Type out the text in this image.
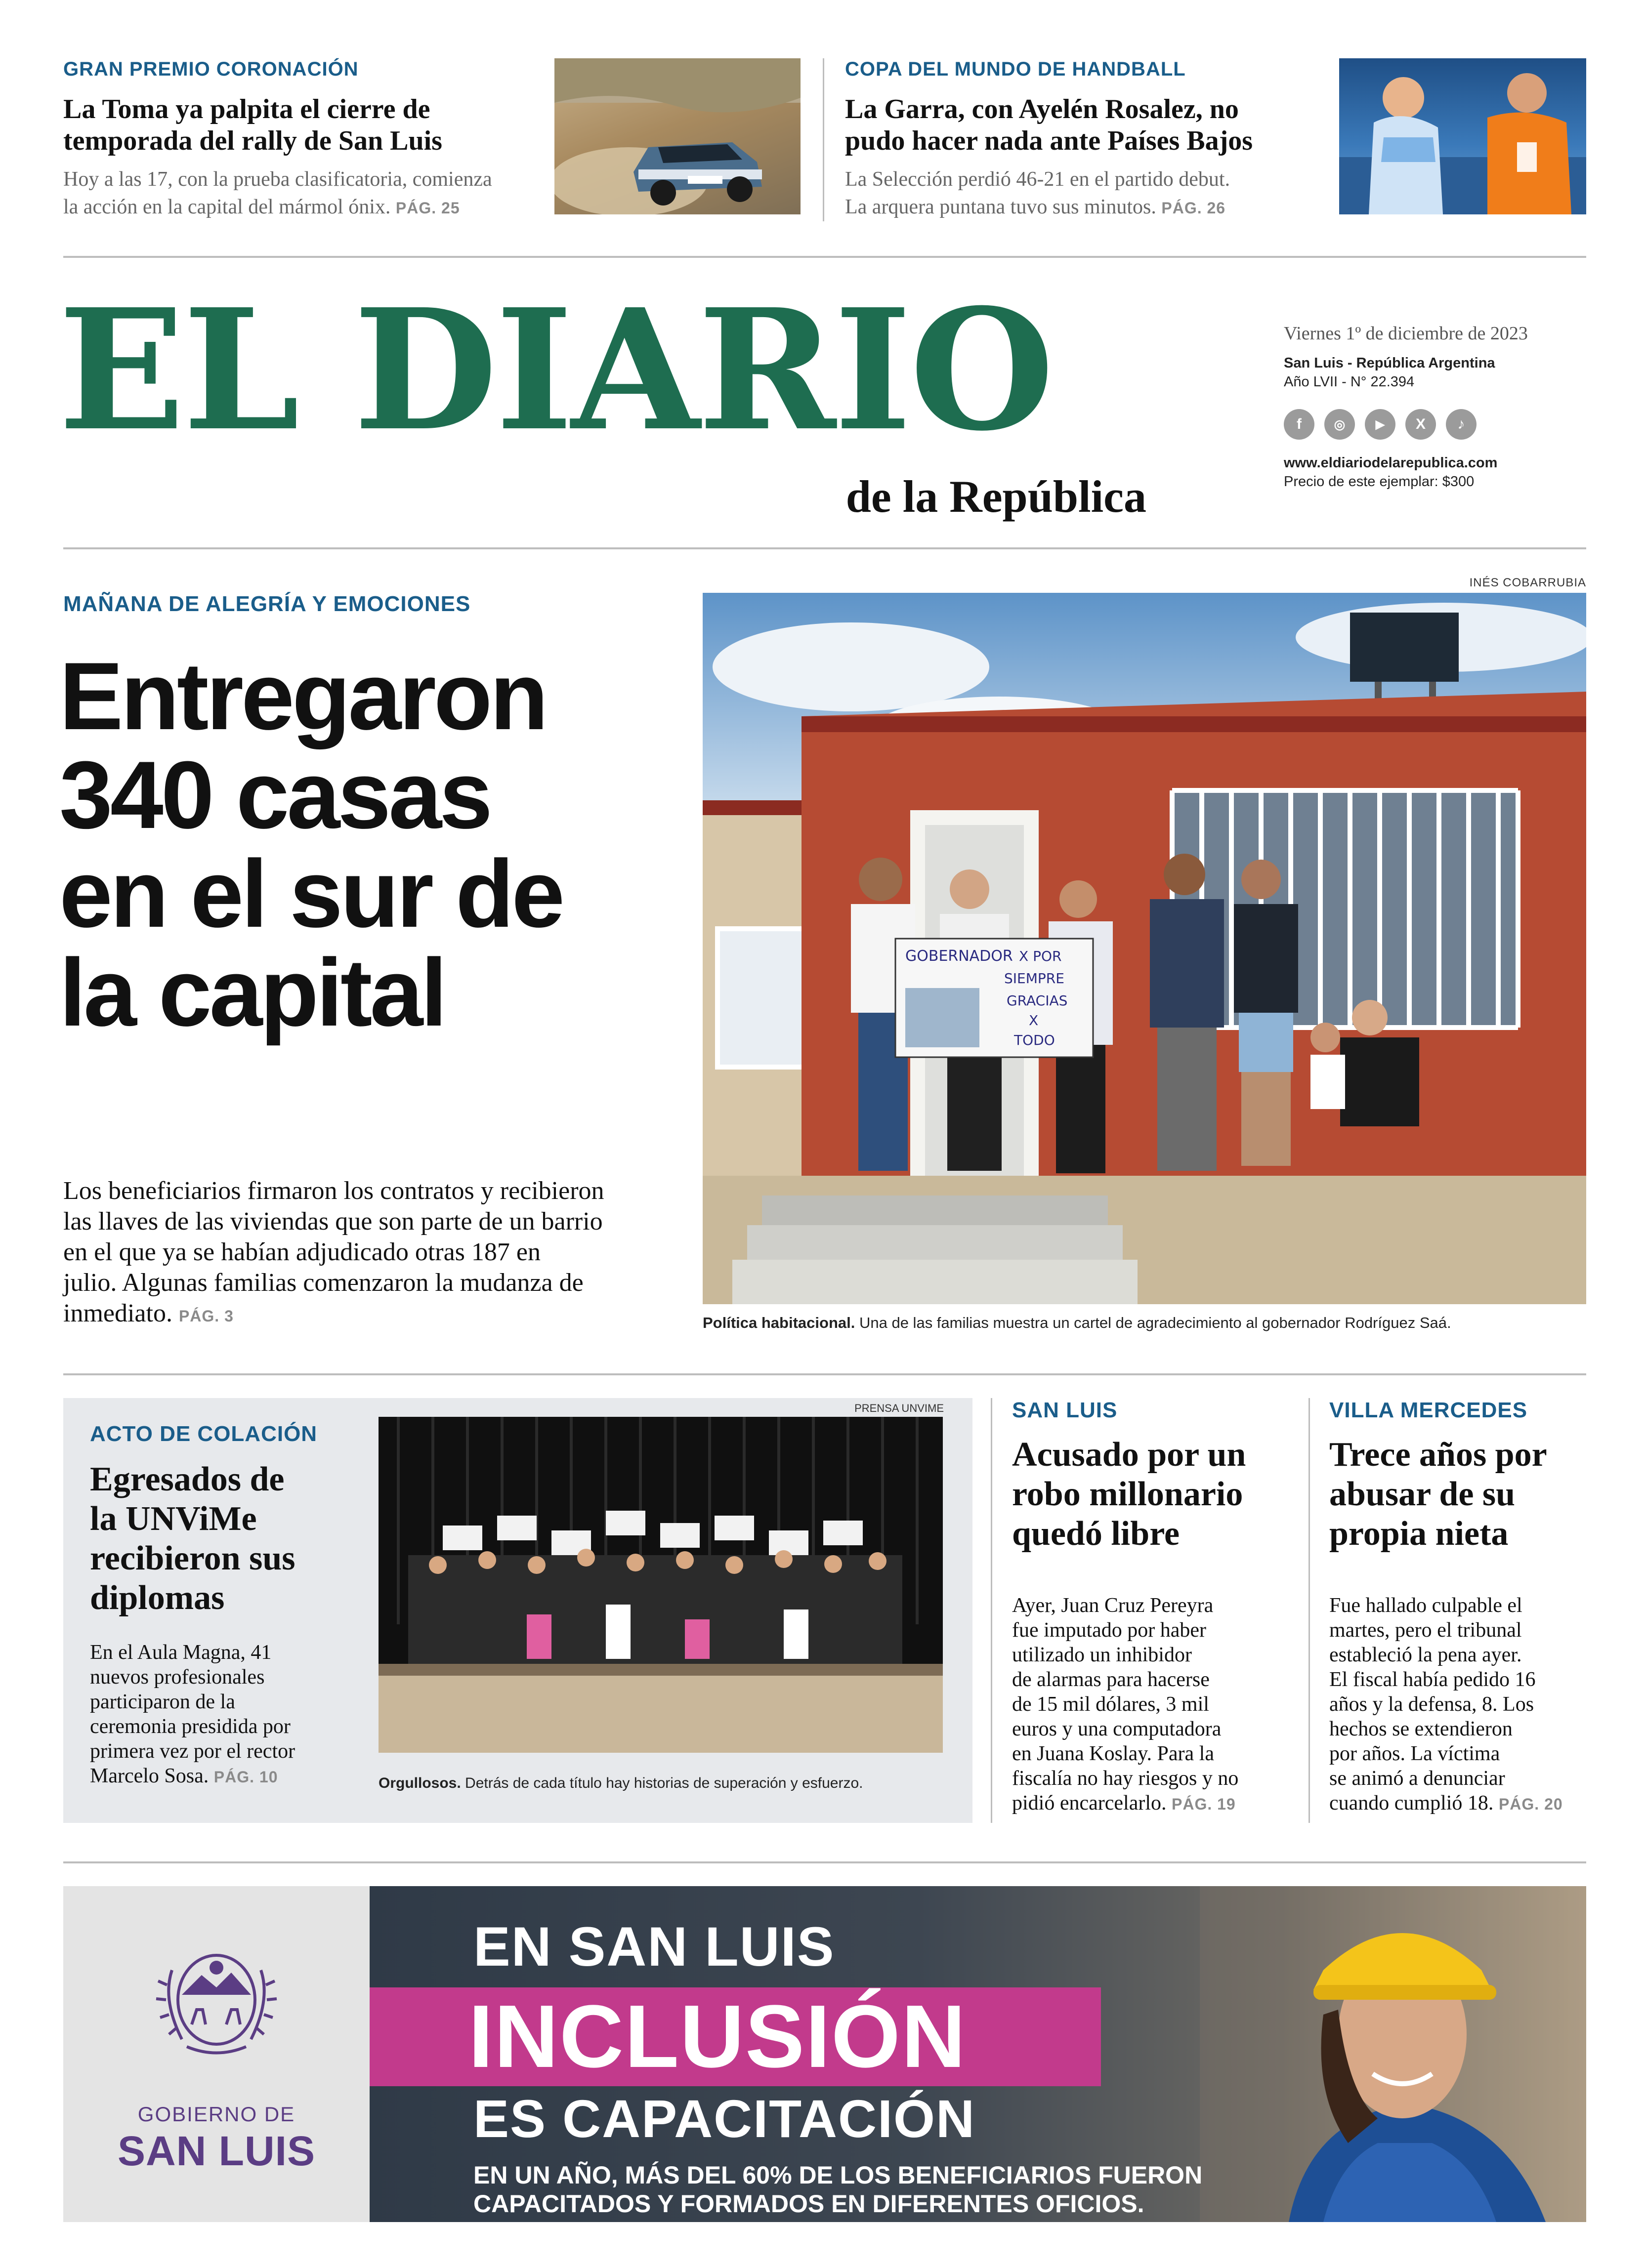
GRAN PREMIO CORONACIÓN
La Toma ya palpita el cierre de
temporada del rally de San Luis
Hoy a las 17, con la prueba clasificatoria, comienza
la acción en la capital del mármol ónix. PÁG. 25
COPA DEL MUNDO DE HANDBALL
La Garra, con Ayelén Rosalez, no
pudo hacer nada ante Países Bajos
La Selección perdió 46-21 en el partido debut.
La arquera puntana tuvo sus minutos. PÁG. 26
EL DIARIO
de la República
Viernes 1º de diciembre de 2023
San Luis - República Argentina
Año LVII - N° 22.394
f	◎	▶	X	♪
www.eldiariodelarepublica.com
Precio de este ejemplar: $300
MAÑANA DE ALEGRÍA Y EMOCIONES
Entregaron
340 casas
en el sur de
la capital
Los beneficiarios firmaron los contratos y recibieron
las llaves de las viviendas que son parte de un barrio
en el que ya se habían adjudicado otras 187 en
julio. Algunas familias comenzaron la mudanza de
inmediato. PÁG. 3
INÉS COBARRUBIA
GOBERNADOR X POR
SIEMPRE
GRACIAS
X
TODO
Política habitacional. Una de las familias muestra un cartel de agradecimiento al gobernador Rodríguez Saá.
ACTO DE COLACIÓN
Egresados de
la UNViMe
recibieron sus
diplomas
En el Aula Magna, 41
nuevos profesionales
participaron de la
ceremonia presidida por
primera vez por el rector
Marcelo Sosa. PÁG. 10
PRENSA UNVIME
Orgullosos. Detrás de cada título hay historias de superación y esfuerzo.
SAN LUIS
Acusado por un
robo millonario
quedó libre
Ayer, Juan Cruz Pereyra
fue imputado por haber
utilizado un inhibidor
de alarmas para hacerse
de 15 mil dólares, 3 mil
euros y una computadora
en Juana Koslay. Para la
fiscalía no hay riesgos y no
pidió encarcelarlo. PÁG. 19
VILLA MERCEDES
Trece años por
abusar de su
propia nieta
Fue hallado culpable el
martes, pero el tribunal
estableció la pena ayer.
El fiscal había pedido 16
años y la defensa, 8. Los
hechos se extendieron
por años. La víctima
se animó a denunciar
cuando cumplió 18. PÁG. 20
GOBIERNO DE
SAN LUIS
EN SAN LUIS
INCLUSIÓN
ES CAPACITACIÓN
EN UN AÑO, MÁS DEL 60% DE LOS BENEFICIARIOS FUERON
CAPACITADOS Y FORMADOS EN DIFERENTES OFICIOS.
